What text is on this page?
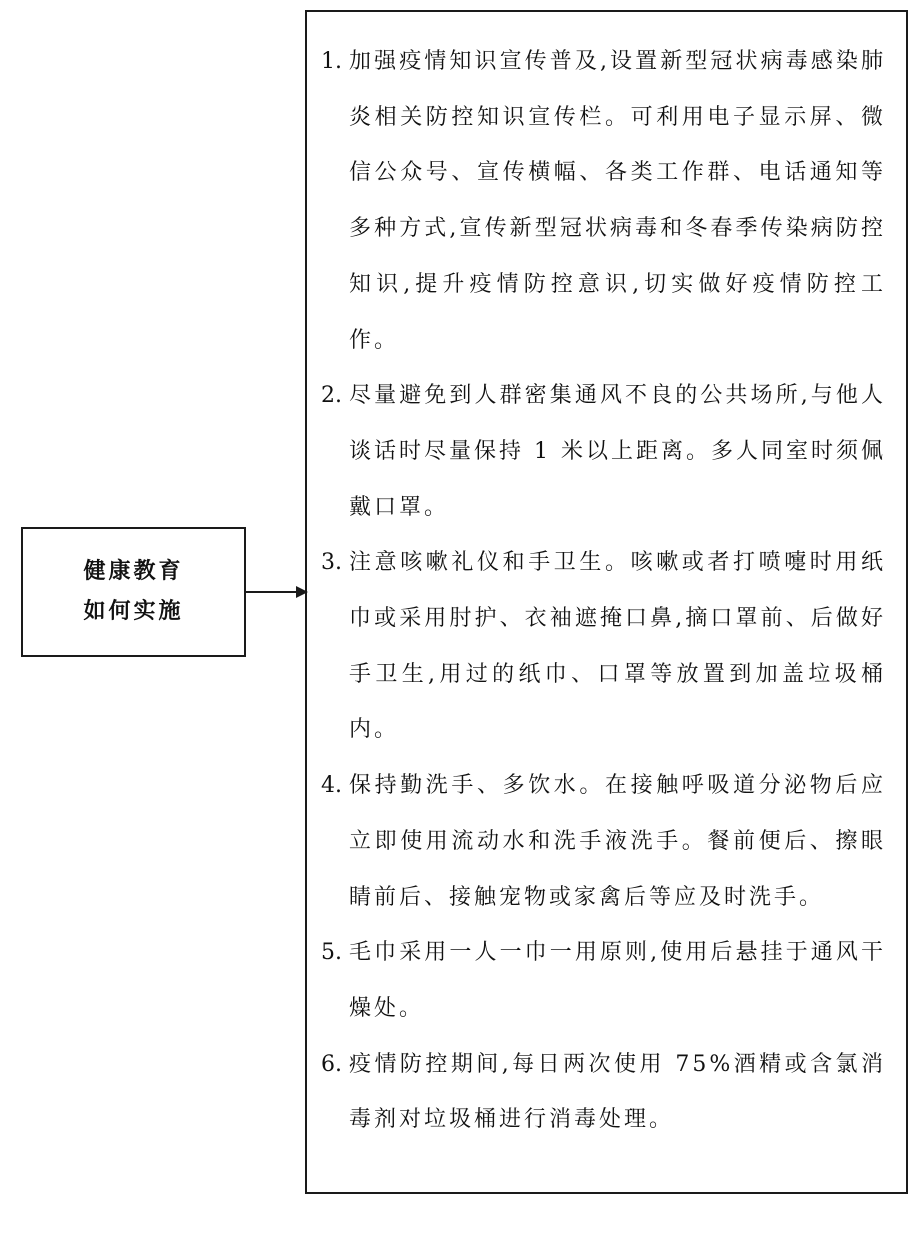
健康教育
如何实施
1. 加强疫情知识宣传普及,设置新型冠状病毒感染肺炎相关防控知识宣传栏。可利用电子显示屏、微信公众号、宣传横幅、各类工作群、电话通知等多种方式,宣传新型冠状病毒和冬春季传染病防控知识,提升疫情防控意识,切实做好疫情防控工作。
2. 尽量避免到人群密集通风不良的公共场所,与他人谈话时尽量保持 1 米以上距离。多人同室时须佩戴口罩。
3. 注意咳嗽礼仪和手卫生。咳嗽或者打喷嚏时用纸巾或采用肘护、衣袖遮掩口鼻,摘口罩前、后做好手卫生,用过的纸巾、口罩等放置到加盖垃圾桶内。
4. 保持勤洗手、多饮水。在接触呼吸道分泌物后应立即使用流动水和洗手液洗手。餐前便后、擦眼睛前后、接触宠物或家禽后等应及时洗手。
5. 毛巾采用一人一巾一用原则,使用后悬挂于通风干燥处。
6. 疫情防控期间,每日两次使用 75%酒精或含氯消毒剂对垃圾桶进行消毒处理。
